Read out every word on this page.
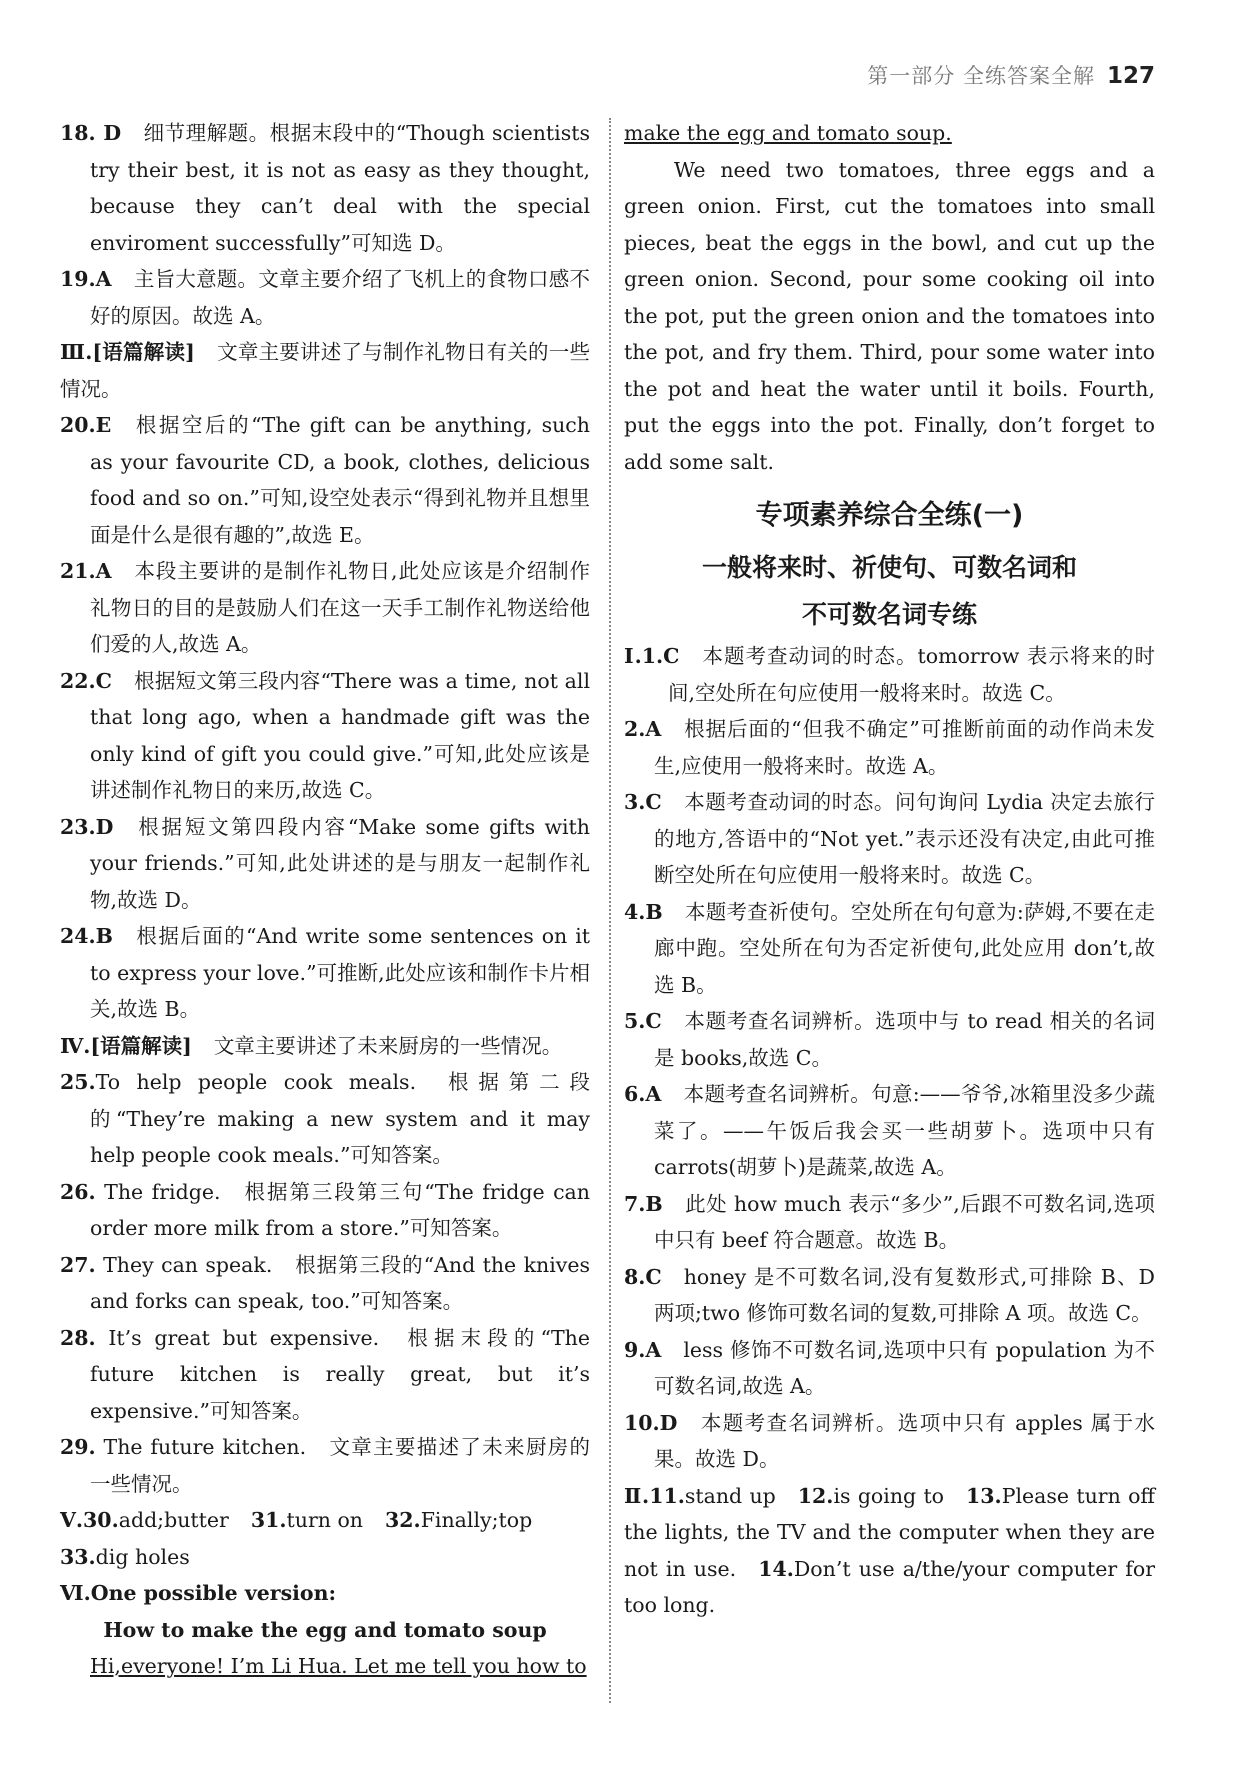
第一部分 全练答案全解 127

18. D 细节理解题。根据末段中的“Though scientists try their best, it is not as easy as they thought, because they can’t deal with the special enviroment successfully”可知选 D。

19.A 主旨大意题。文章主要介绍了飞机上的食物口感不好的原因。故选 A。

Ⅲ.[语篇解读] 文章主要讲述了与制作礼物日有关的一些情况。

20.E 根据空后的“The gift can be anything, such as your favourite CD, a book, clothes, delicious food and so on.”可知,设空处表示“得到礼物并且想里面是什么是很有趣的”,故选 E。

21.A 本段主要讲的是制作礼物日,此处应该是介绍制作礼物日的目的是鼓励人们在这一天手工制作礼物送给他们爱的人,故选 A。

22.C 根据短文第三段内容“There was a time, not all that long ago, when a handmade gift was the only kind of gift you could give.”可知,此处应该是讲述制作礼物日的来历,故选 C。

23.D 根据短文第四段内容“Make some gifts with your friends.”可知,此处讲述的是与朋友一起制作礼物,故选 D。

24.B 根据后面的“And write some sentences on it to express your love.”可推断,此处应该和制作卡片相关,故选 B。

Ⅳ.[语篇解读] 文章主要讲述了未来厨房的一些情况。

25.To help people cook meals. 根据第二段的“They’re making a new system and it may help people cook meals.”可知答案。

26. The fridge. 根据第三段第三句“The fridge can order more milk from a store.”可知答案。

27. They can speak. 根据第三段的“And the knives and forks can speak, too.”可知答案。

28. It’s great but expensive. 根据末段的“The future kitchen is really great, but it’s expensive.”可知答案。

29. The future kitchen. 文章主要描述了未来厨房的一些情况。

Ⅴ.30.add;butter 31.turn on 32.Finally;top

33.dig holes

Ⅵ.One possible version:

How to make the egg and tomato soup

Hi,everyone! I’m Li Hua. Let me tell you how to

make the egg and tomato soup.

We need two tomatoes, three eggs and a green onion. First, cut the tomatoes into small pieces, beat the eggs in the bowl, and cut up the green onion. Second, pour some cooking oil into the pot, put the green onion and the tomatoes into the pot, and fry them. Third, pour some water into the pot and heat the water until it boils. Fourth, put the eggs into the pot. Finally, don’t forget to add some salt.

专项素养综合全练(一)
一般将来时、祈使句、可数名词和
不可数名词专练

Ⅰ.1.C 本题考查动词的时态。tomorrow 表示将来的时间,空处所在句应使用一般将来时。故选 C。

2.A 根据后面的“但我不确定”可推断前面的动作尚未发生,应使用一般将来时。故选 A。

3.C 本题考查动词的时态。问句询问 Lydia 决定去旅行的地方,答语中的“Not yet.”表示还没有决定,由此可推断空处所在句应使用一般将来时。故选 C。

4.B 本题考查祈使句。空处所在句句意为:萨姆,不要在走廊中跑。空处所在句为否定祈使句,此处应用 don’t,故选 B。

5.C 本题考查名词辨析。选项中与 to read 相关的名词是 books,故选 C。

6.A 本题考查名词辨析。句意:——爷爷,冰箱里没多少蔬菜了。——午饭后我会买一些胡萝卜。选项中只有 carrots(胡萝卜)是蔬菜,故选 A。

7.B 此处 how much 表示“多少”,后跟不可数名词,选项中只有 beef 符合题意。故选 B。

8.C honey 是不可数名词,没有复数形式,可排除 B、D 两项;two 修饰可数名词的复数,可排除 A 项。故选 C。

9.A less 修饰不可数名词,选项中只有 population 为不可数名词,故选 A。

10.D 本题考查名词辨析。选项中只有 apples 属于水果。故选 D。

Ⅱ.11.stand up 12.is going to 13.Please turn off the lights, the TV and the computer when they are not in use. 14.Don’t use a/the/your computer for too long.
